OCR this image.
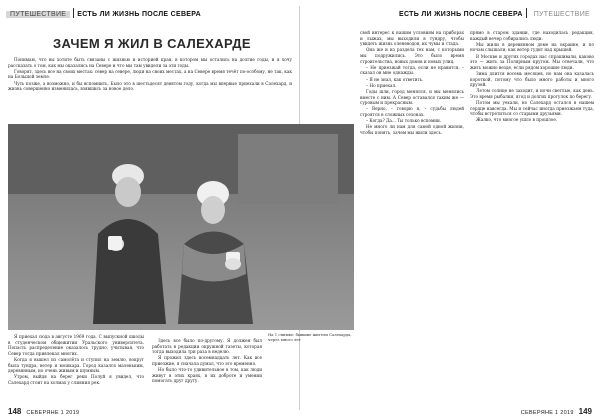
ПУТЕШЕСТВИЕ ЕСТЬ ЛИ ЖИЗНЬ ПОСЛЕ СЕВЕРА
ЗАЧЕМ Я ЖИЛ В САЛЕХАРДЕ

Понимаю, что вы хотите быть связаны с жизнью и историей края, в котором мы остались на долгие годы, и я хочу рассказать о том, как мы оказались на Севере и что мы там увидели за эти годы.

Говорят, здесь все на своих местах: север на севере, люди на своих местах, а на Севере время течёт по-особому, не так, как на Большой земле.

Чуть позже, а возможно, и бы вспомнить. Было это в шестьдесят девятом году, когда мы впервые приехали в Салехард, и жизнь совершенно изменилась, взявшись за новое дело.

Я приехал сюда в августе 1969 года. С выпускной школы в студенческом общежитии Уральского университета. Попасть распределение оказалось трудно, учитывая, что Север тогда привлекал многих.

Когда я вышел из самолёта и ступил на землю, вокруг была тундра, ветер и мошкара. Город казался маленьким, деревянным, но очень живым и шумным.

Утром, выйдя на берег реки Полуй я увидел, что Салехард стоит на холмах у слияния рек.

Здесь все было по-другому. Я должен был работать в редакции окружной газеты, которая тогда выходила три раза в неделю.

Я прожил здесь восемнадцать лет. Как все приезжие, я сначала думал, что это временно.

Но было что-то удивительное в том, как люди живут в этих краях, в их доброте и умении помогать друг другу.

148 СЕВЕРЯНЕ 1 2019
На 1 снимке: бывшие жители Салехарда, через много лет
ЕСТЬ ЛИ ЖИЗНЬ ПОСЛЕ СЕВЕРА ПУТЕШЕСТВИЕ
СЕВЕРЯНЕ 1 2019 149

свой интерес к нашим условиям на приборах и лыжах, мы выходили в тундру, чтобы увидеть жизнь оленеводов, их чумы и стада.

Она же и из раздела тех нам, с которыми мы подружились. Это было время строительства, новых домов и новых улиц.

– Не приезжай тогда, если не нравится, – сказал он мне однажды.

– Я не знал, как ответить.

– Но приехал.

Годы шли, город менялся, и мы менялись вместе с ним. А Север оставался таким же — суровым и прекрасным.

– Верно, – говорю я, – судьбы людей строятся в сложных сезонах.

– Когда? Да... Ты только вспомни.

Не много ли нам для самой одной жизни, чтобы понять, зачем мы жили здесь.

прямо в старом здании, где находилась редакция, каждый вечер собирались люди.

Мы жили в деревянном доме на окраине, и по ночам слышали, как ветер гудит над крышей.

В Москве и других городах нас спрашивали, каково это — жить за Полярным кругом. Мы отвечали, что жить можно везде, если рядом хорошие люди.

Зима длится восемь месяцев, но нам она казалась короткой, потому что было много работы и много друзей.

Летом солнце не заходит, и ночи светлые, как день. Это время рыбалки, ягод и долгих прогулок по берегу.

Потом мы уехали, но Салехард остался в нашем сердце навсегда. Мы и сейчас иногда приезжаем туда, чтобы встретиться со старыми друзьями.

Жалко, что многое ушло в прошлое.
